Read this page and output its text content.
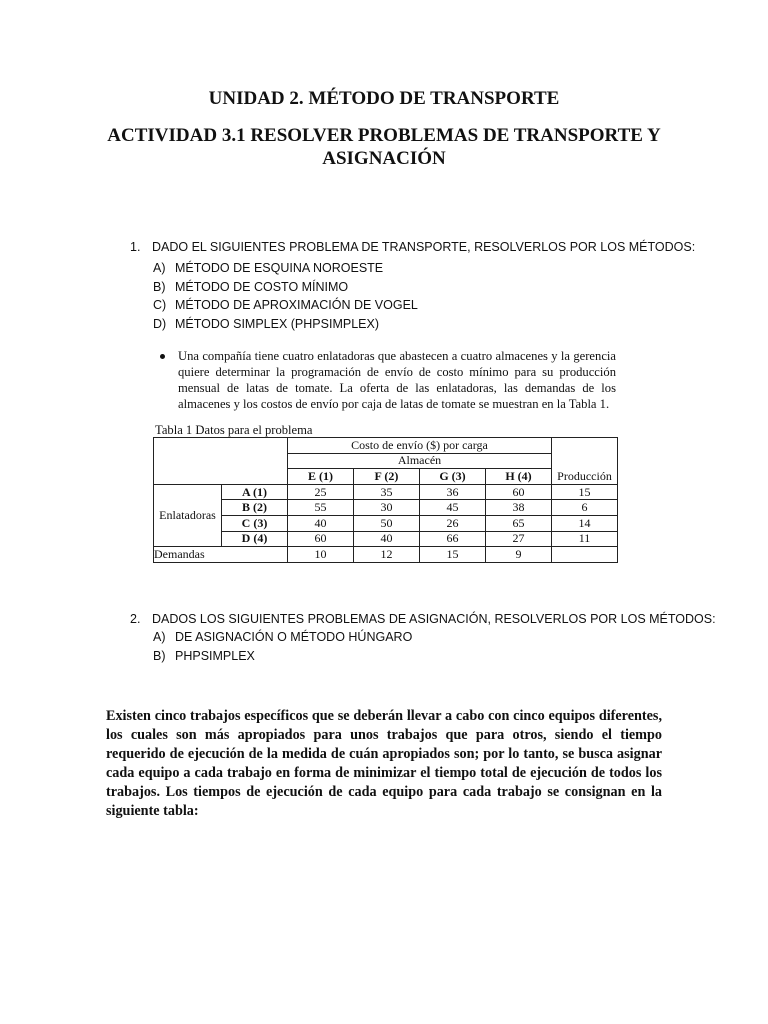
UNIDAD 2. MÉTODO DE TRANSPORTE
ACTIVIDAD 3.1 RESOLVER PROBLEMAS DE TRANSPORTE Y ASIGNACIÓN
1. DADO EL SIGUIENTES PROBLEMA DE TRANSPORTE, RESOLVERLOS POR LOS MÉTODOS:
A) MÉTODO DE ESQUINA NOROESTE
B) MÉTODO DE COSTO MÍNIMO
C) MÉTODO DE APROXIMACIÓN DE VOGEL
D) MÉTODO SIMPLEX (PHPSIMPLEX)
Una compañía tiene cuatro enlatadoras que abastecen a cuatro almacenes y la gerencia quiere determinar la programación de envío de costo mínimo para su producción mensual de latas de tomate. La oferta de las enlatadoras, las demandas de los almacenes y los costos de envío por caja de latas de tomate se muestran en la Tabla 1.
Tabla 1 Datos para el problema
		Costo de envío ($) por carga				
		Almacén				
		E (1)	F (2)	G (3)	H (4)	Producción
Enlatadoras	A (1)	25	35	36	60	15
	B (2)	55	30	45	38	6
	C (3)	40	50	26	65	14
	D (4)	60	40	66	27	11
Demandas		10	12	15	9	
2. DADOS LOS SIGUIENTES PROBLEMAS DE ASIGNACIÓN, RESOLVERLOS POR LOS MÉTODOS:
A) DE ASIGNACIÓN O MÉTODO HÚNGARO
B) PHPSIMPLEX
Existen cinco trabajos específicos que se deberán llevar a cabo con cinco equipos diferentes, los cuales son más apropiados para unos trabajos que para otros, siendo el tiempo requerido de ejecución de la medida de cuán apropiados son; por lo tanto, se busca asignar cada equipo a cada trabajo en forma de minimizar el tiempo total de ejecución de todos los trabajos. Los tiempos de ejecución de cada equipo para cada trabajo se consignan en la siguiente tabla:
